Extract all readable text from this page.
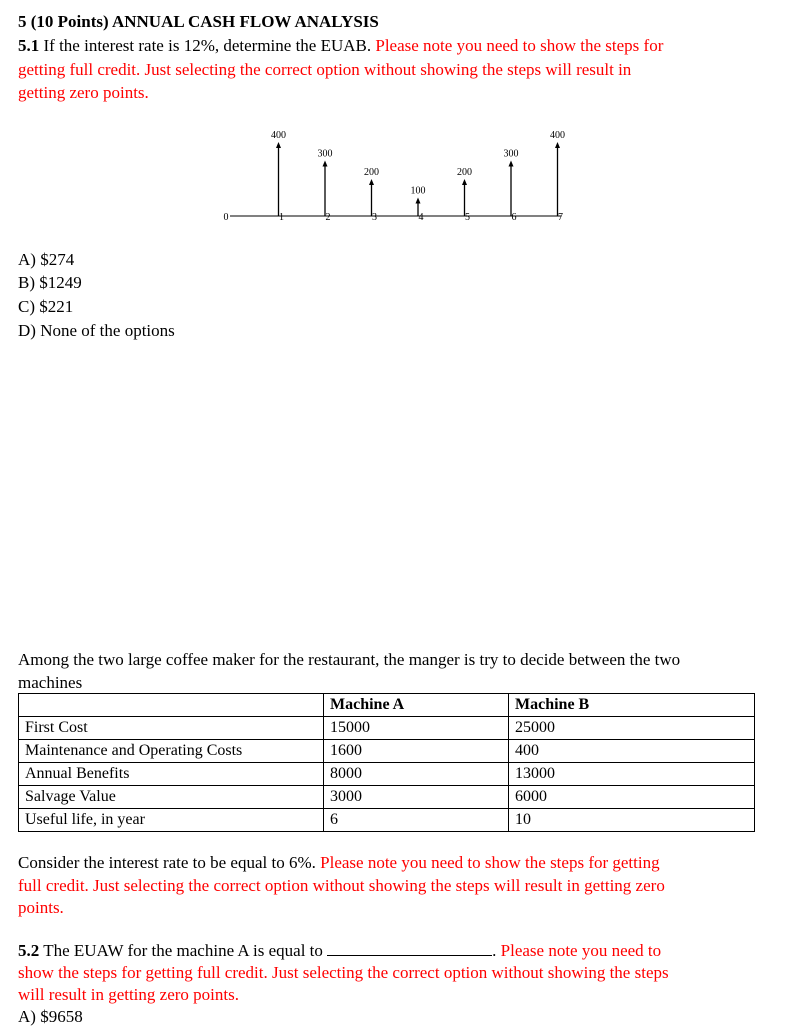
5 (10 Points) ANNUAL CASH FLOW ANALYSIS
5.1 If the interest rate is 12%, determine the EUAB. Please note you need to show the steps for
getting full credit. Just selecting the correct option without showing the steps will result in
getting zero points.
0	1	2	3	4	5	6	7
400
300
200
100
200
300
400
A) $274
B) $1249
C) $221
D) None of the options
Among the two large coffee maker for the restaurant, the manger is try to decide between the two
machines
	Machine A	Machine B
First Cost	15000	25000
Maintenance and Operating Costs	1600	400
Annual Benefits	8000	13000
Salvage Value	3000	6000
Useful life, in year	6	10
Consider the interest rate to be equal to 6%. Please note you need to show the steps for getting
full credit. Just selecting the correct option without showing the steps will result in getting zero
points.
5.2 The EUAW for the machine A is equal to	. Please note you need to
show the steps for getting full credit. Just selecting the correct option without showing the steps
will result in getting zero points.
A) $9658
